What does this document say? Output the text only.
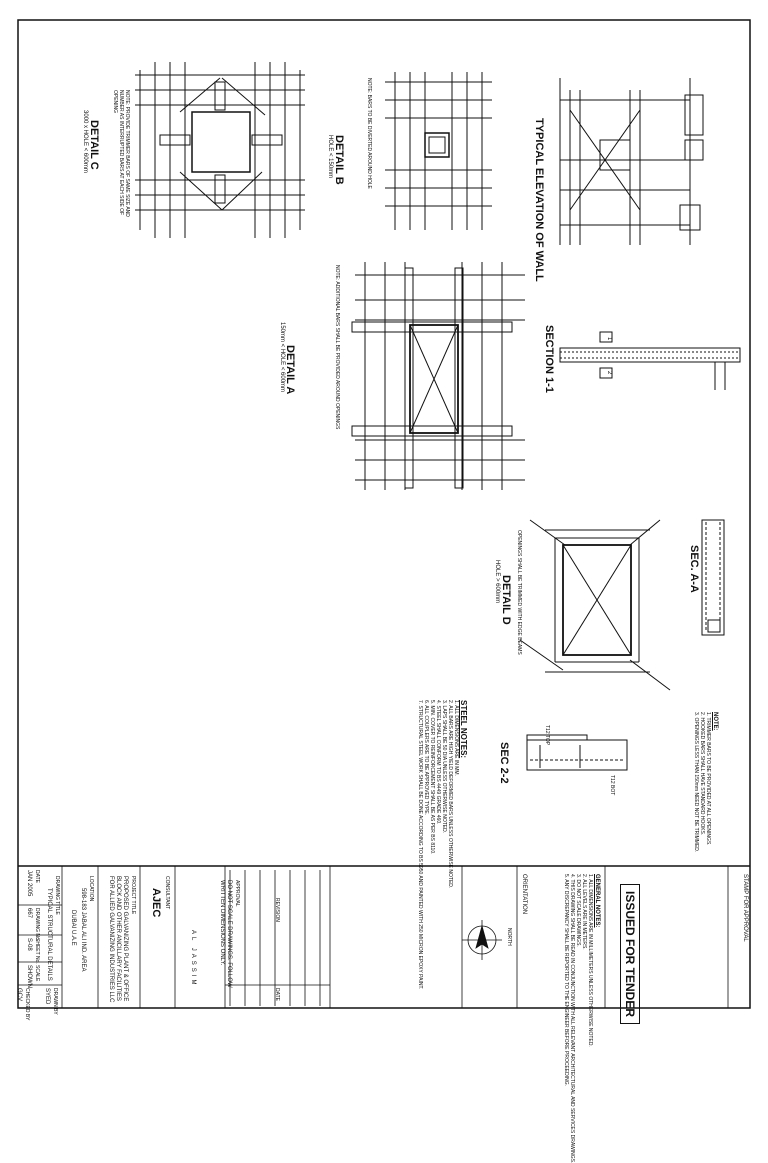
DETAIL C
3000 x HOLE < 600mm	NOTE: PROVIDE TRIMMER BARS OF SAME SIZE AND NUMBER AS INTERRUPTED BARS AT EACH SIDE OF OPENING
DETAIL B
HOLE < 150mm	NOTE: BARS TO BE DIVERTED AROUND HOLE
DETAIL A
150mm < HOLE < 600mm	NOTE: ADDITIONAL BARS SHALL BE PROVIDED AROUND OPENINGS
TYPICAL ELEVATION OF WALL
SECTION 1-1
DETAIL D
HOLE > 600mm	OPENINGS SHALL BE TRIMMED WITH EDGE BEAMS	SEC. A-A
SEC 2-2
T12 TOP
T12 BOT
1
2
STEEL NOTES:
1. ALL DIMENSIONS ARE IN MM.
2. ALL BARS ARE HIGH YIELD DEFORMED BARS UNLESS OTHERWISE NOTED.
3. LAPS SHALL BE 50 DIA UNLESS OTHERWISE NOTED.
4. STEEL SHALL CONFORM TO BS 4449 GRADE 460.
5. MIN. COVER TO REINFORCEMENT SHALL BE AS PER BS 8110.
6. ALL COUPLERS ARE TO BE APPROVED TYPE.
7. STRUCTURAL STEEL WORK SHALL BE DONE ACCORDING TO BS 5950 AND PAINTED WITH 250 MICRON EPOXY PAINT.	NOTE:
1. TRIMMER BARS TO BE PROVIDED AT ALL OPENINGS.
2. HOOKED BARS SHALL HAVE STANDARD HOOKS.
3. OPENINGS LESS THAN 150mm NEED NOT BE TRIMMED.
STAMP FOR APPROVAL
ISSUED FOR TENDER
GENERAL NOTES:
1. ALL DIMENSIONS ARE IN MILLIMETERS UNLESS OTHERWISE NOTED.
2. ALL LEVELS ARE IN METERS.
3. DO NOT SCALE DRAWINGS.
4. THIS DRAWING SHALL BE READ IN CONJUNCTION WITH ALL RELEVANT ARCHITECTURAL AND SERVICES DRAWINGS.
5. ANY DISCREPANCY SHALL BE REPORTED TO THE ENGINEER BEFORE PROCEEDING.
ORIENTATION
NORTH
REVISION
DATE
APPROVAL
DO NOT SCALE DRAWINGS. FOLLOW WRITTEN DIMENSIONS ONLY.
CONSULTANT
AJEC
AL JASSIM
PROJECT TITLE
PROPOSED GALVANIZING PLANT & OFFICE BLOCK AND OTHER ANCILLARY FACILITIES FOR ALLIED GALVANIZING INDUSTRIES LLC
LOCATION
598-183 JABAL ALI IND. AREA
DUBAI U.A.E
DRAWING TITLE
TYPICAL STRUCTURAL DETAILS
DATE
JAN 2005
DRAWING No.
667
SHEET No.
S-08
SCALE
SHOWN
DRAWN BY
SYED
CHECKED BY
GCV
